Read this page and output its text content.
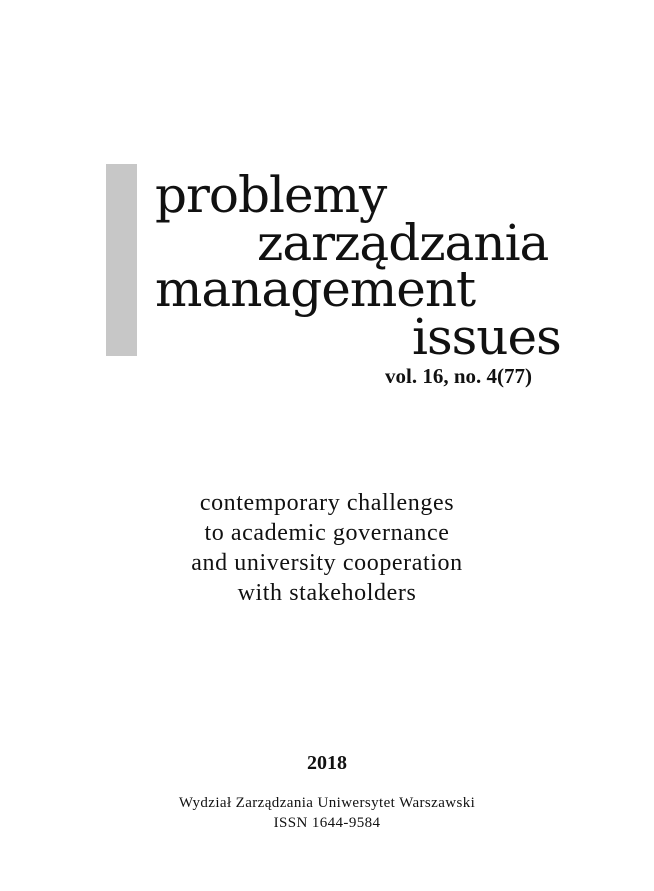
problemy
zarządzania
management
issues
vol. 16, no. 4(77)
contemporary challenges
to academic governance
and university cooperation
with stakeholders
2018
Wydział Zarządzania Uniwersytet Warszawski
ISSN 1644-9584
